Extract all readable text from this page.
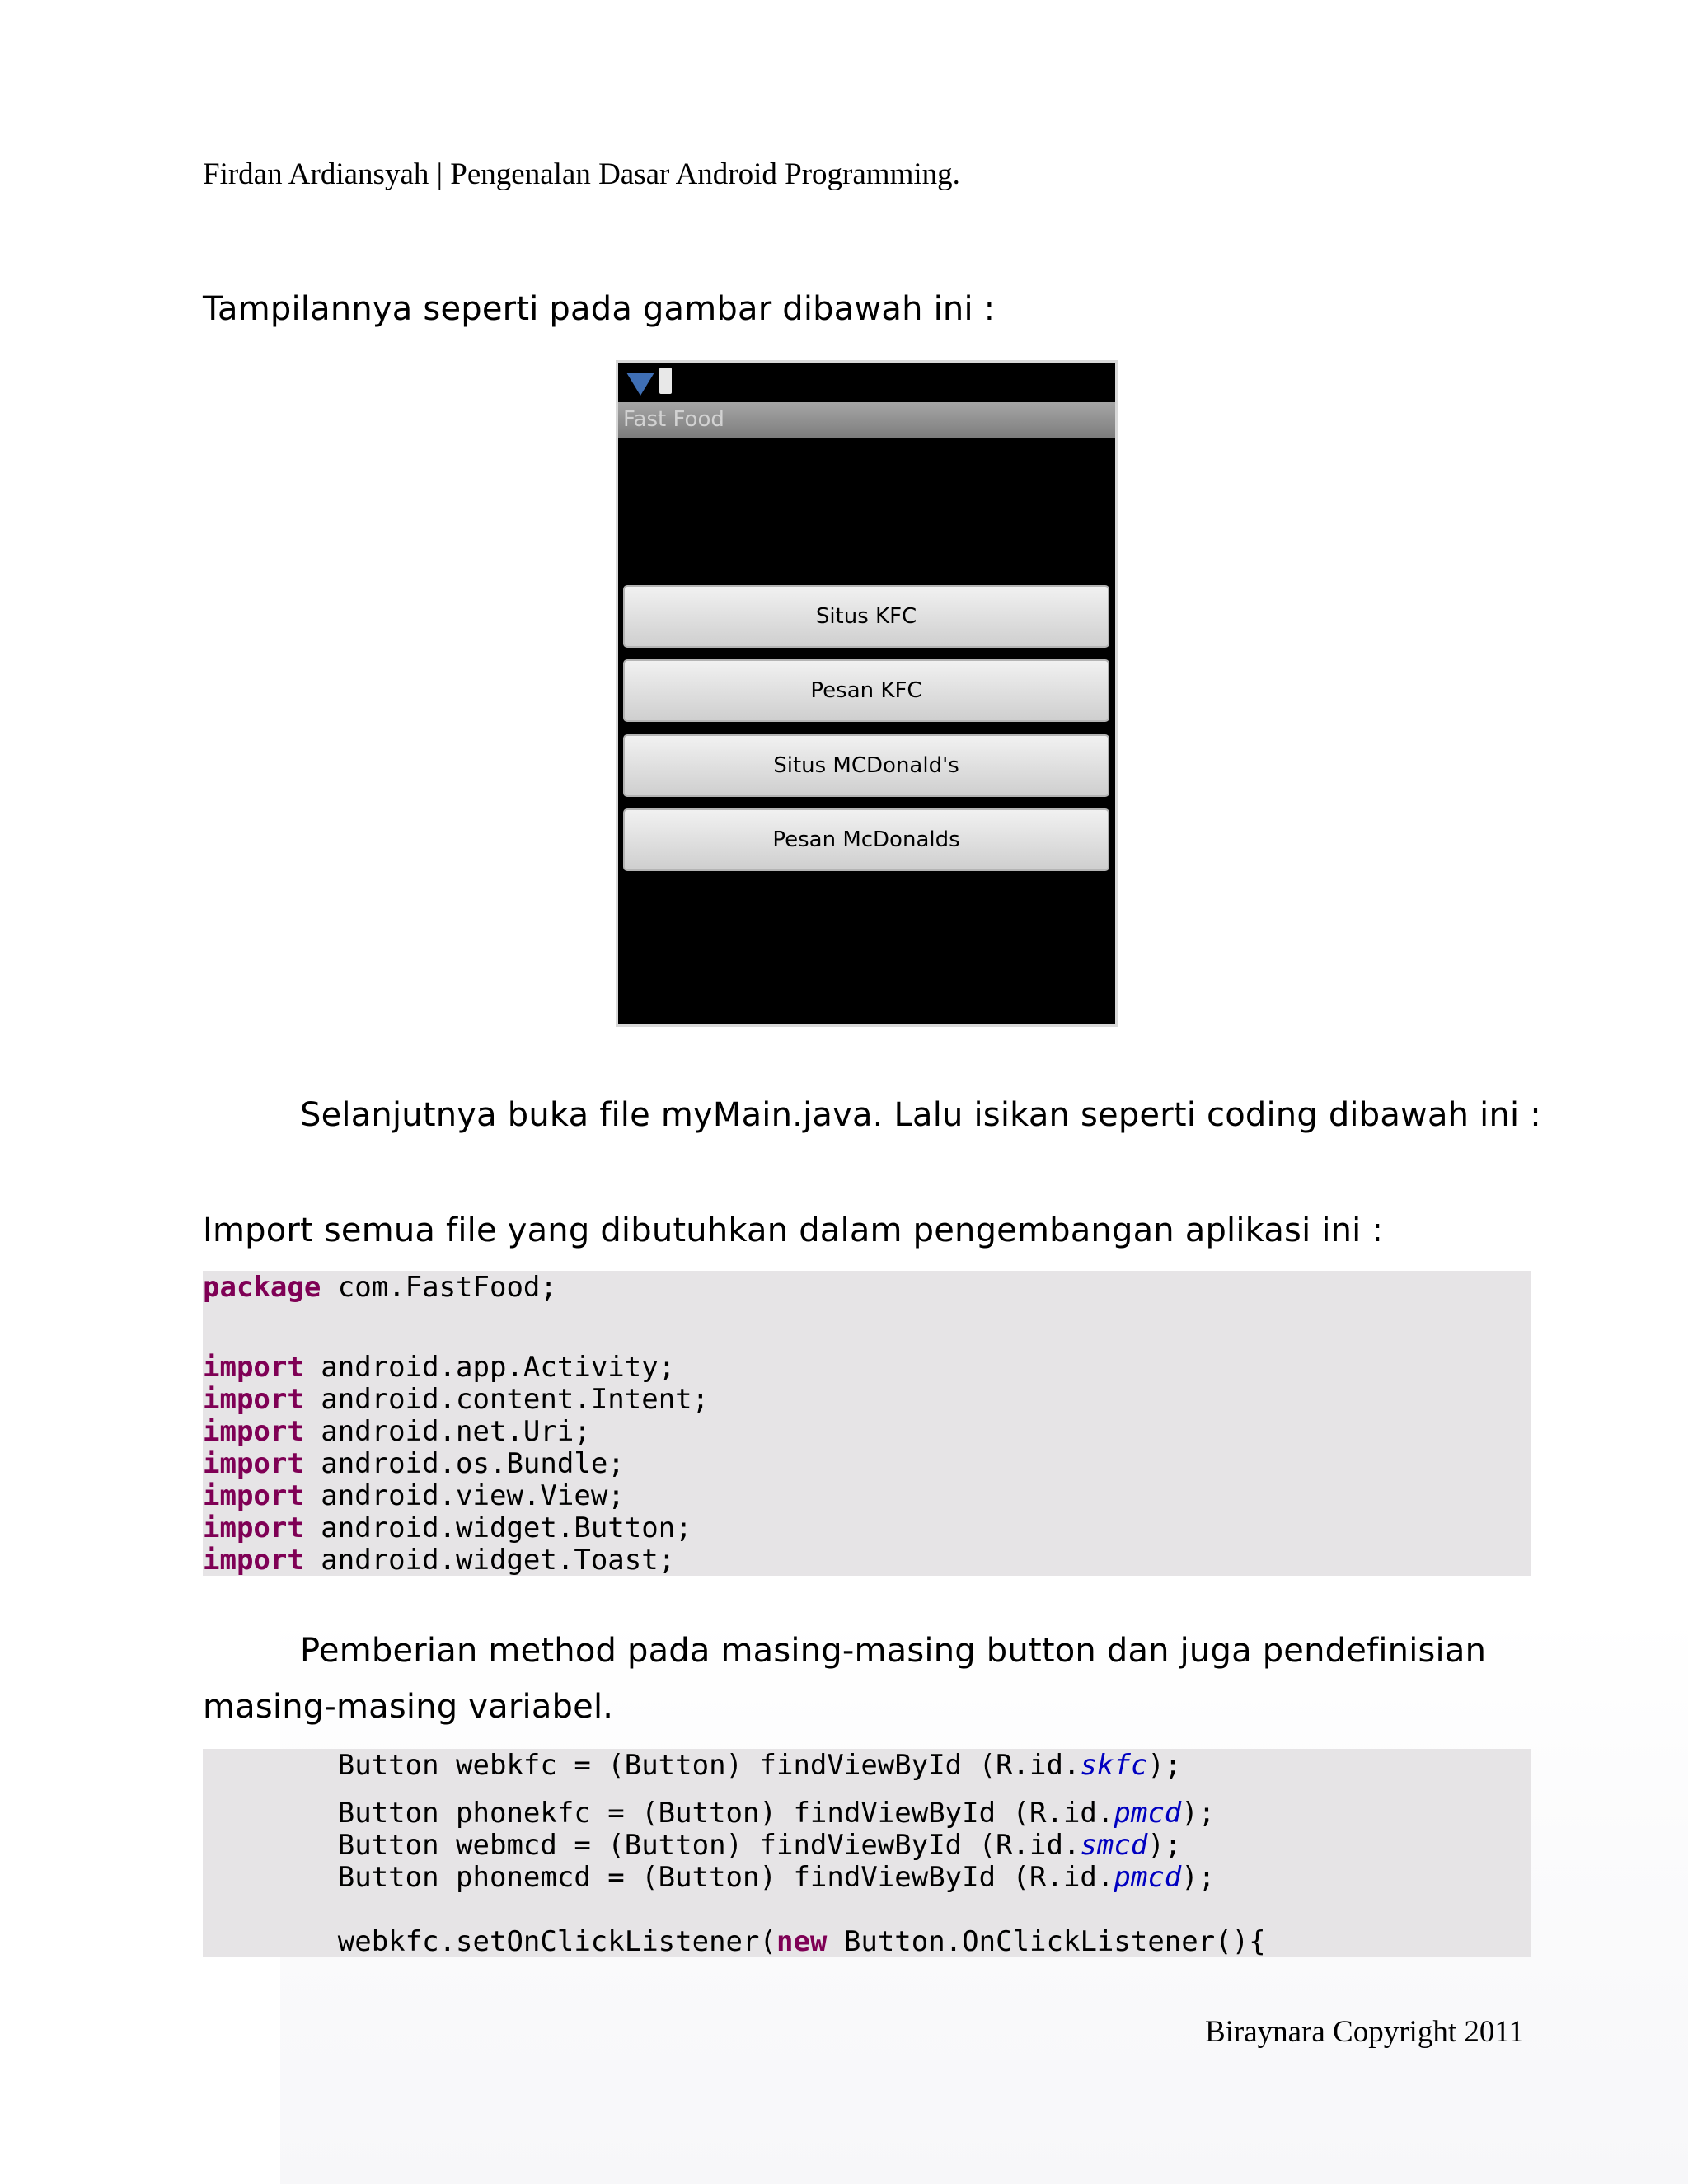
Firdan Ardiansyah | Pengenalan Dasar Android Programming.
Tampilannya seperti pada gambar dibawah ini :
Fast Food
Situs KFC
Pesan KFC
Situs MCDonald's
Pesan McDonalds
Selanjutnya buka file myMain.java. Lalu isikan seperti coding dibawah ini :
Import semua file yang dibutuhkan dalam pengembangan aplikasi ini :

package com.FastFood;

import android.app.Activity;

import android.content.Intent;

import android.net.Uri;

import android.os.Bundle;

import android.view.View;

import android.widget.Button;

import android.widget.Toast;

Pemberian method pada masing-masing button dan juga pendefinisian
masing-masing variabel.

Button webkfc = (Button) findViewById (R.id.skfc);

Button phonekfc = (Button) findViewById (R.id.pmcd);

Button webmcd = (Button) findViewById (R.id.smcd);

Button phonemcd = (Button) findViewById (R.id.pmcd);

webkfc.setOnClickListener(new Button.OnClickListener(){

Biraynara Copyright 2011
